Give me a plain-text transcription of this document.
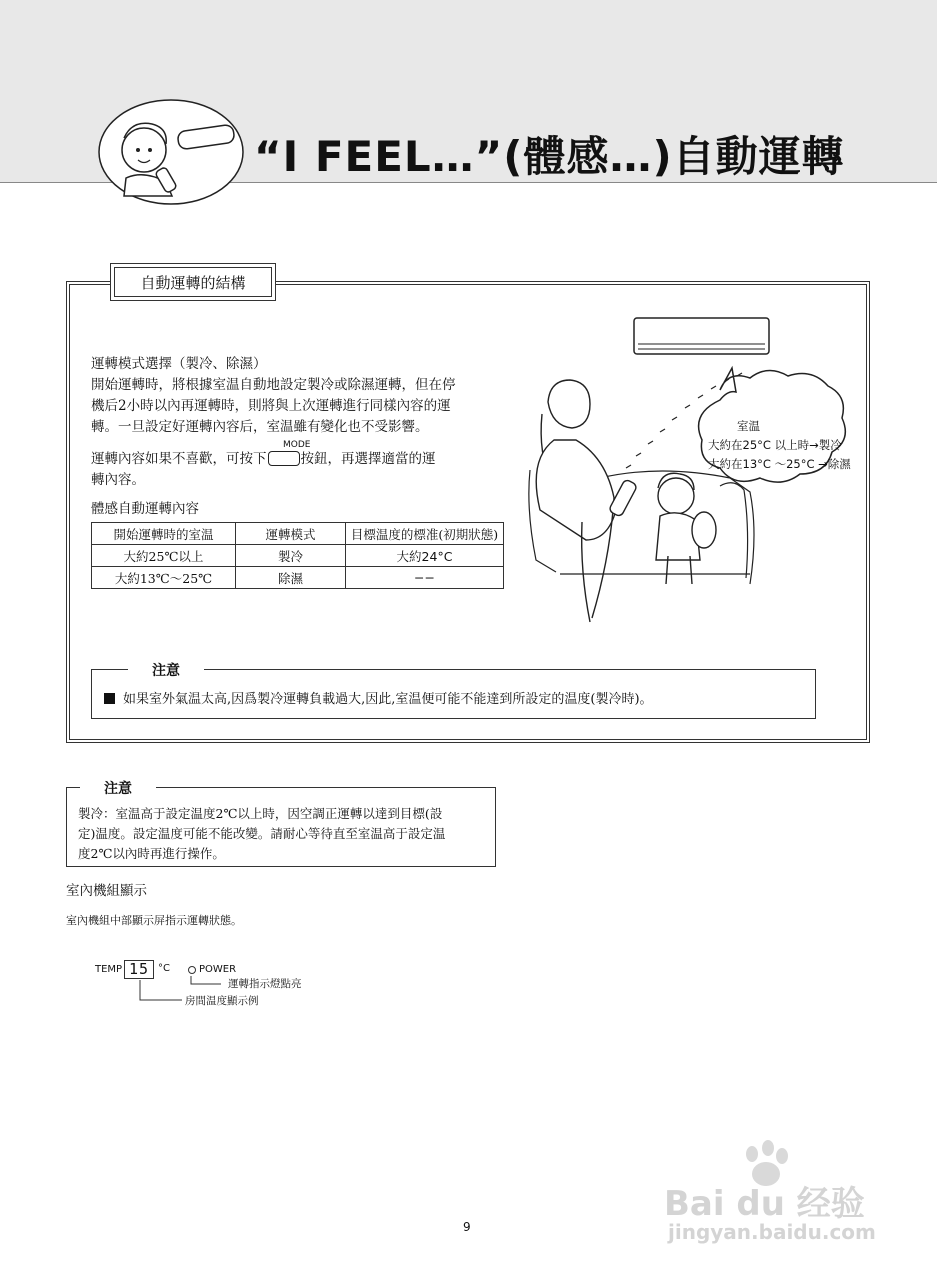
“I FEEL…”(體感…)自動運轉
自動運轉的結構
運轉模式選擇（製冷、除濕）
開始運轉時，將根據室温自動地設定製冷或除濕運轉，但在停
機后2小時以內再運轉時，則將與上次運轉進行同樣內容的運
轉。一旦設定好運轉內容后，室温雖有變化也不受影響。
MODE
運轉內容如果不喜歡，可按下	按鈕，再選擇適當的運
轉內容。
體感自動運轉內容
開始運轉時的室温	運轉模式	目標温度的標准(初期狀態)
大約25℃以上	製冷	大約24°C
大約13℃～25℃	除濕	−−
室温
大約在25°C 以上時→製冷
大約在13°C ～25°C →除濕
注意
如果室外氣温太高,因爲製冷運轉負載過大,因此,室温便可能不能達到所設定的温度(製冷時)。
注意
製冷：室温高于設定温度2℃以上時，因空調正運轉以達到目標(設
定)温度。設定温度可能不能改變。請耐心等待直至室温高于設定温
度2℃以內時再進行操作。
室內機組顯示
室內機組中部顯示屏指示運轉狀態。
TEMP 15 °C	POWER
運轉指示燈點亮
房間温度顯示例
9
Bai du 经验
jingyan.baidu.com
